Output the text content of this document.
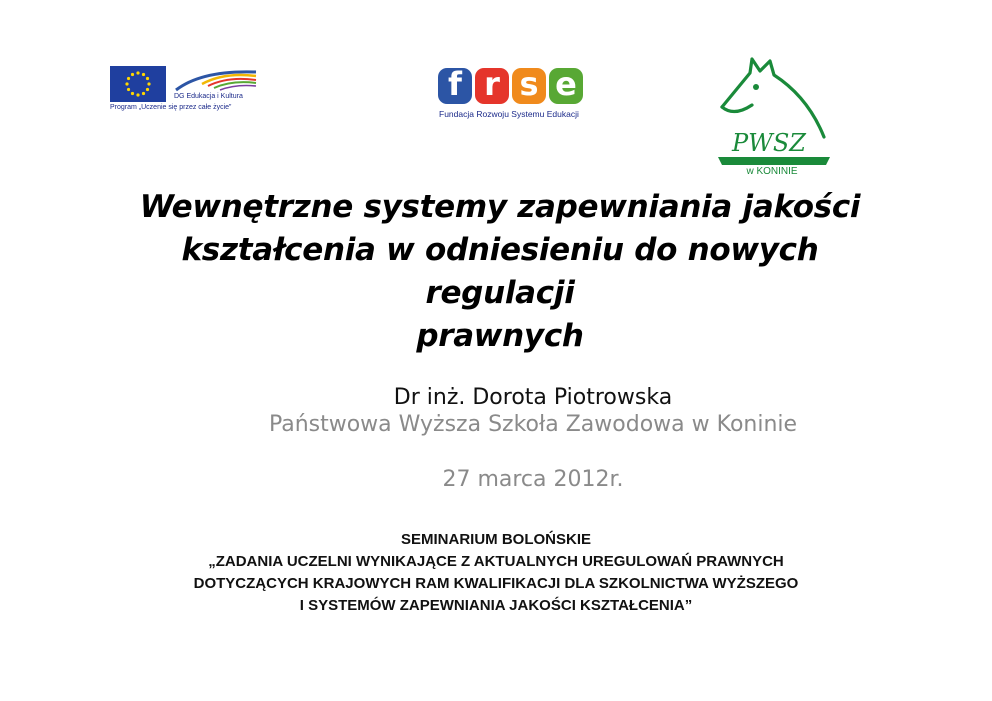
DG Edukacja i Kultura
Program „Uczenie się przez całe życie”
f r s e
Fundacja Rozwoju Systemu Edukacji
PWSZ
w KONINIE
Wewnętrzne systemy zapewniania jakości
kształcenia w odniesieniu do nowych regulacji
prawnych
Dr inż. Dorota Piotrowska
Państwowa Wyższa Szkoła Zawodowa w Koninie
27 marca 2012r.
SEMINARIUM BOLOŃSKIE
„ZADANIA UCZELNI WYNIKAJĄCE Z AKTUALNYCH UREGULOWAŃ PRAWNYCH
DOTYCZĄCYCH KRAJOWYCH RAM KWALIFIKACJI DLA SZKOLNICTWA WYŻSZEGO
I SYSTEMÓW ZAPEWNIANIA JAKOŚCI KSZTAŁCENIA”
